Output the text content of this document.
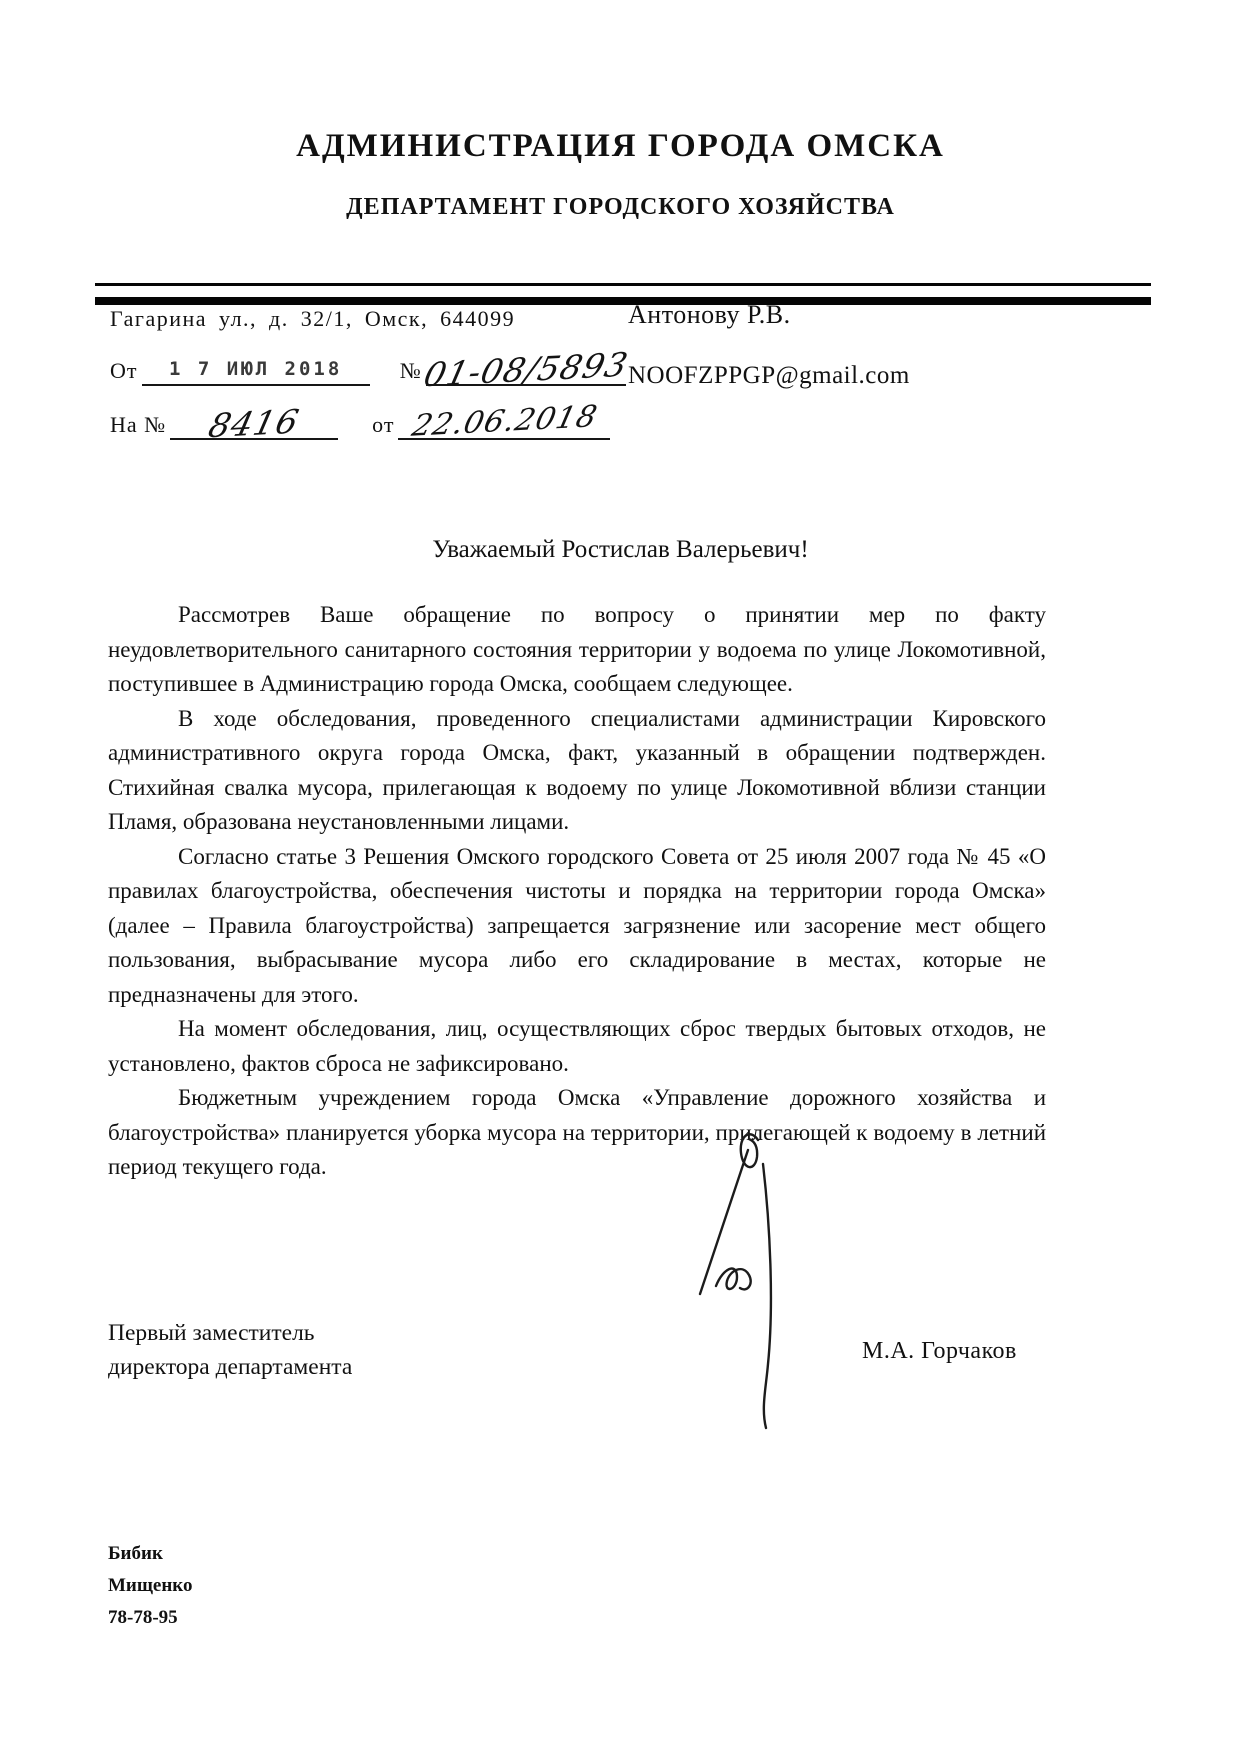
АДМИНИСТРАЦИЯ ГОРОДА ОМСКА
ДЕПАРТАМЕНТ ГОРОДСКОГО ХОЗЯЙСТВА

Гагарина ул., д. 32/1, Омск, 644099

От	1 7 ИЮЛ 2018	№
01-08/5893
На №	8416	от 22.06.2018

Антонову Р.В.

NOOFZPPGP@gmail.com

Уважаемый Ростислав Валерьевич!

Рассмотрев Ваше обращение по вопросу о принятии мер по факту неудовлетворительного санитарного состояния территории у водоема по улице Локомотивной, поступившее в Администрацию города Омска, сообщаем следующее.

В ходе обследования, проведенного специалистами администрации Кировского административного округа города Омска, факт, указанный в обращении подтвержден. Стихийная свалка мусора, прилегающая к водоему по улице Локомотивной вблизи станции Пламя, образована неустановленными лицами.

Согласно статье 3 Решения Омского городского Совета от 25 июля 2007 года № 45 «О правилах благоустройства, обеспечения чистоты и порядка на территории города Омска» (далее – Правила благоустройства) запрещается загрязнение или засорение мест общего пользования, выбрасывание мусора либо его складирование в местах, которые не предназначены для этого.

На момент обследования, лиц, осуществляющих сброс твердых бытовых отходов, не установлено, фактов сброса не зафиксировано.

Бюджетным учреждением города Омска «Управление дорожного хозяйства и благоустройства» планируется уборка мусора на территории, прилегающей к водоему в летний период текущего года.

Первый заместитель
директора департамента

М.А. Горчаков

Бибик
Мищенко
78-78-95
